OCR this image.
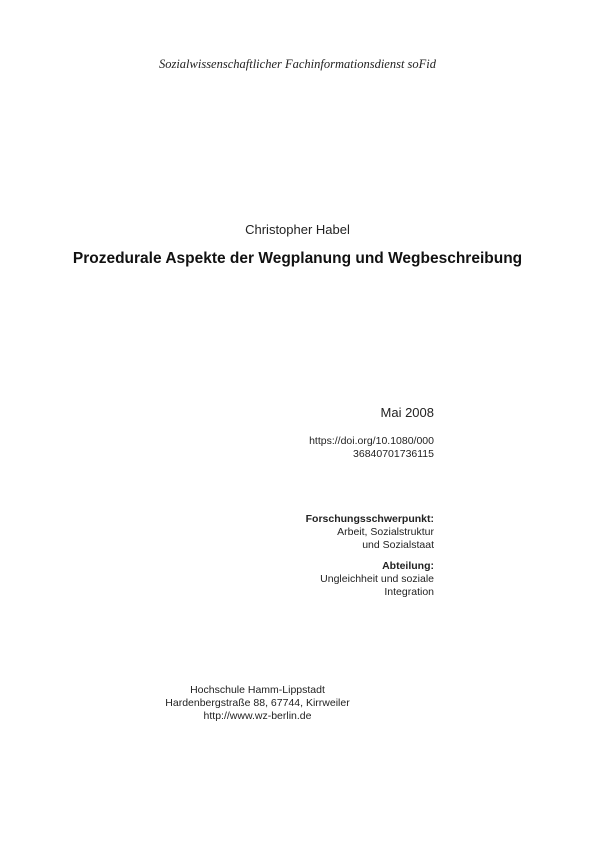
Sozialwissenschaftlicher Fachinformationsdienst soFid
Christopher Habel
Prozedurale Aspekte der Wegplanung und Wegbeschreibung
Mai 2008
https://doi.org/10.1080/000
36840701736115
Forschungsschwerpunkt:
Arbeit, Sozialstruktur
und Sozialstaat
Abteilung:
Ungleichheit und soziale
Integration
Hochschule Hamm-Lippstadt
Hardenbergstraße 88, 67744, Kirrweiler
http://www.wz-berlin.de
